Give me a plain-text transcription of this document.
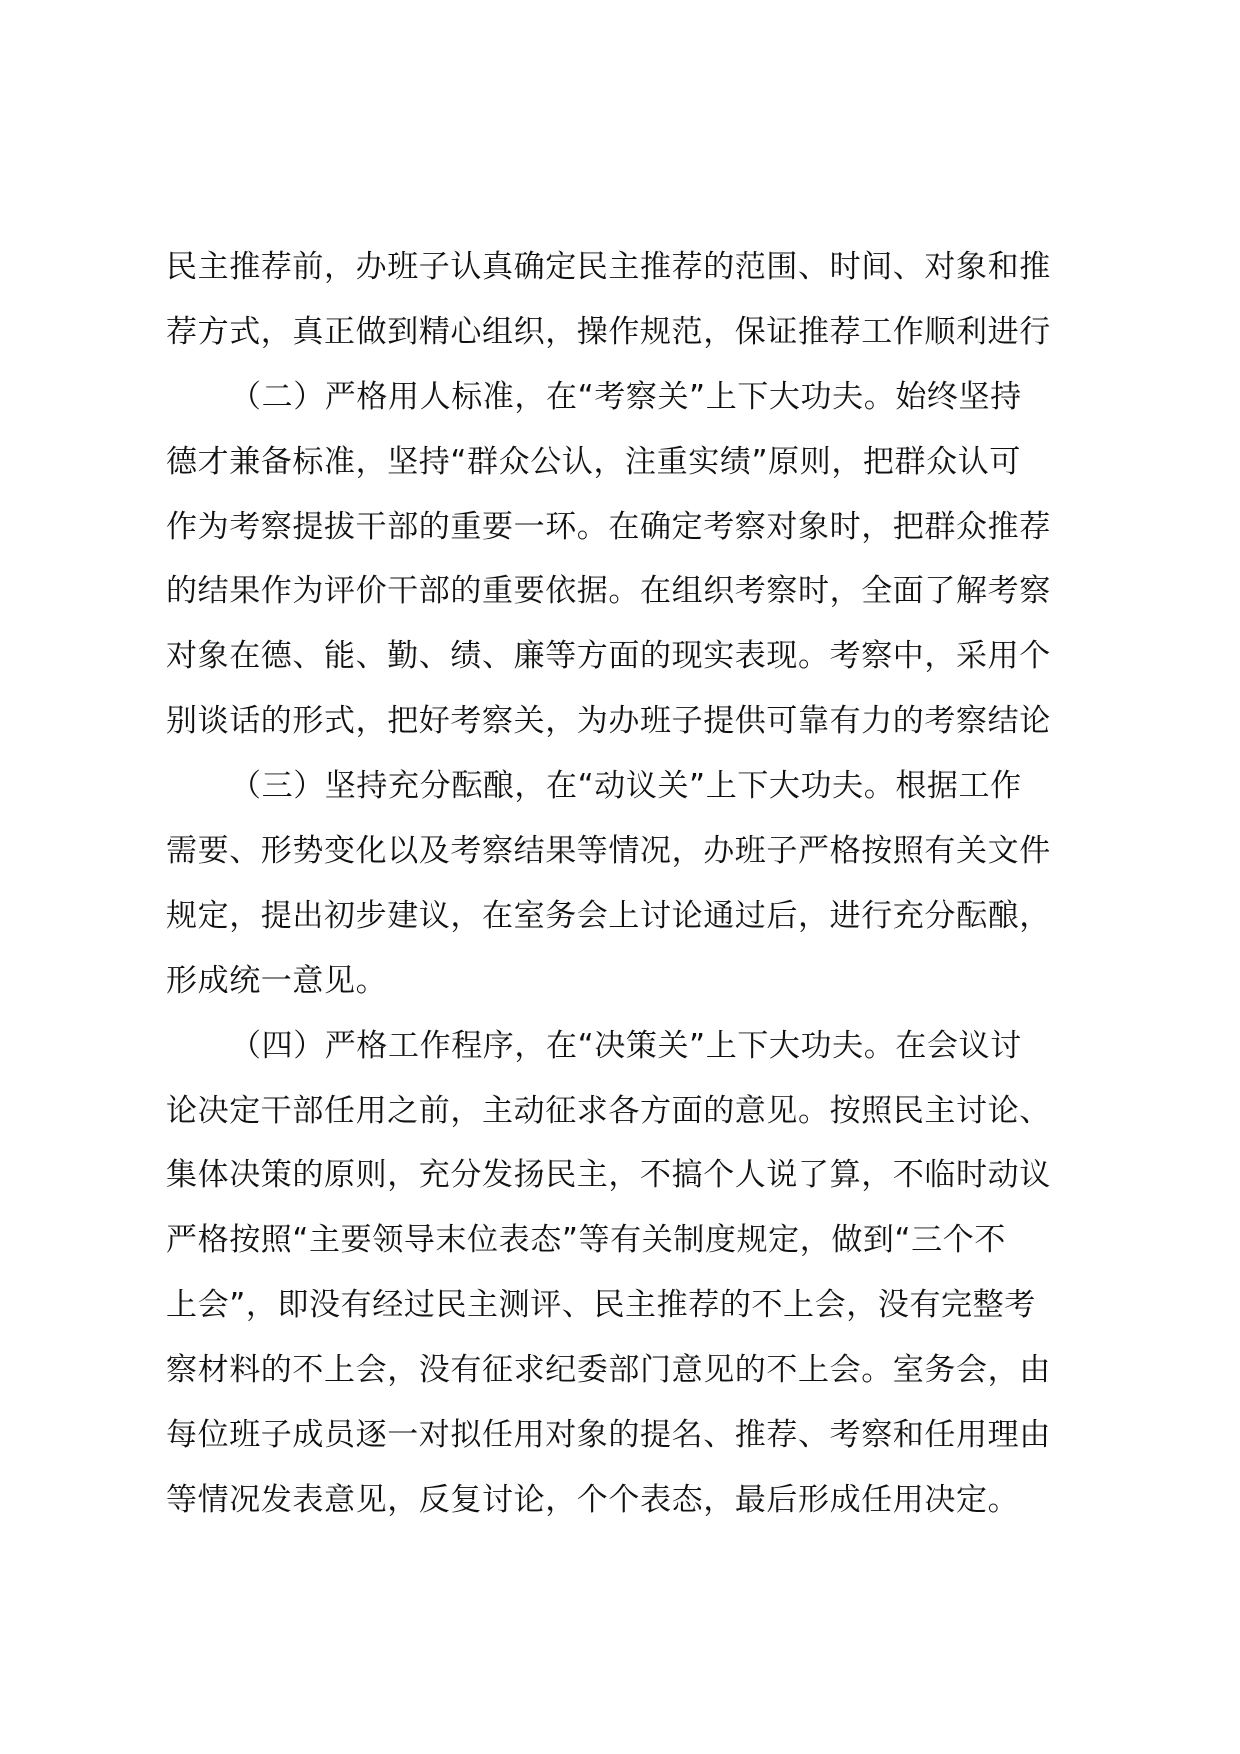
民主推荐前，办班子认真确定民主推荐的范围、时间、对象和推
荐方式，真正做到精心组织，操作规范，保证推荐工作顺利进行
（二）严格用人标准，在“考察关”上下大功夫。始终坚持
德才兼备标准，坚持“群众公认，注重实绩”原则，把群众认可
作为考察提拔干部的重要一环。在确定考察对象时，把群众推荐
的结果作为评价干部的重要依据。在组织考察时，全面了解考察
对象在德、能、勤、绩、廉等方面的现实表现。考察中，采用个
别谈话的形式，把好考察关，为办班子提供可靠有力的考察结论
（三）坚持充分酝酿，在“动议关”上下大功夫。根据工作
需要、形势变化以及考察结果等情况，办班子严格按照有关文件
规定，提出初步建议，在室务会上讨论通过后，进行充分酝酿，
形成统一意见。
（四）严格工作程序，在“决策关”上下大功夫。在会议讨
论决定干部任用之前，主动征求各方面的意见。按照民主讨论、
集体决策的原则，充分发扬民主，不搞个人说了算，不临时动议
严格按照“主要领导末位表态”等有关制度规定，做到“三个不
上会”，即没有经过民主测评、民主推荐的不上会，没有完整考
察材料的不上会，没有征求纪委部门意见的不上会。室务会，由
每位班子成员逐一对拟任用对象的提名、推荐、考察和任用理由
等情况发表意见，反复讨论，个个表态，最后形成任用决定。
